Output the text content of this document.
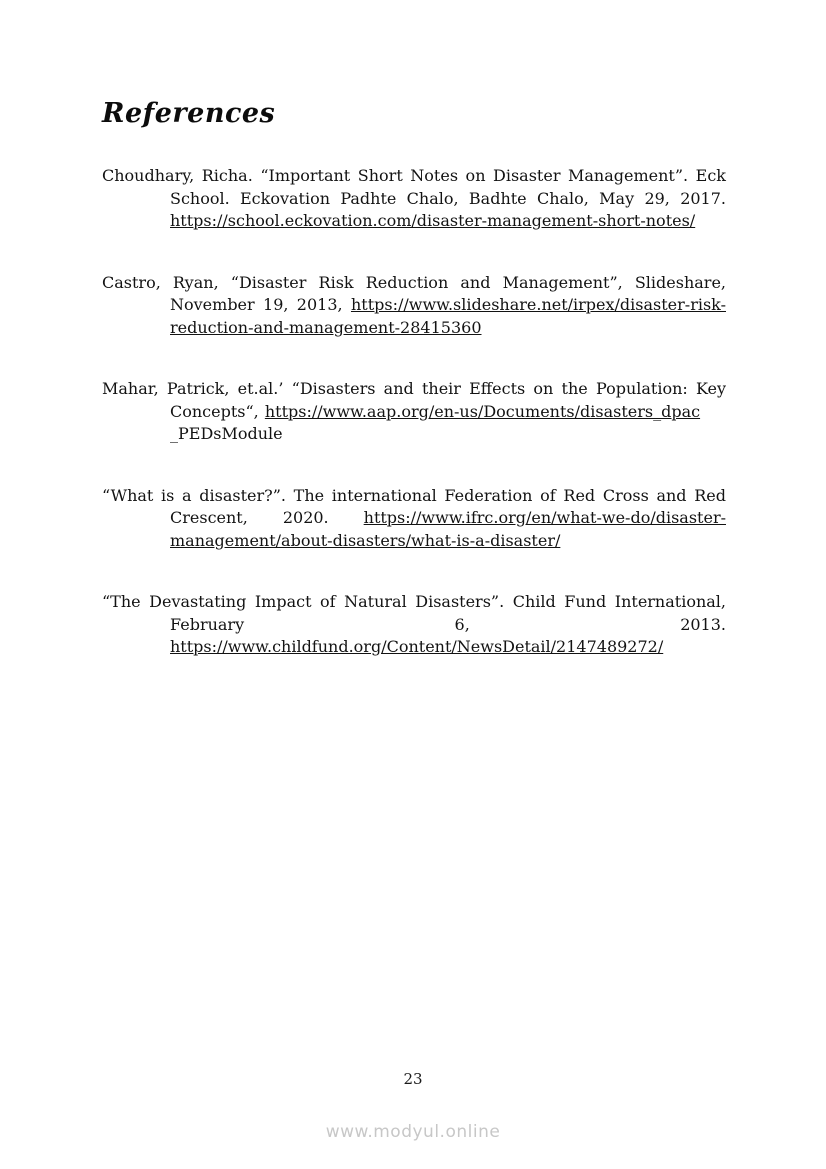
References

Choudhary, Richa. “Important Short Notes on Disaster Management”. Eck School. Eckovation Padhte Chalo, Badhte Chalo, May 29, 2017. https://school.eckovation.com/disaster-management-short-notes/

Castro, Ryan, “Disaster Risk Reduction and Management”, Slideshare, November 19, 2013, https://www.slideshare.net/irpex/disaster-risk-reduction-and-management-28415360

Mahar, Patrick, et.al.’ “Disasters and their Effects on the Population: Key Concepts“, https://www.aap.org/en-us/Documents/disasters_dpac
_PEDsModule

“What is a disaster?”. The international Federation of Red Cross and Red Crescent, 2020. https://www.ifrc.org/en/what-we-do/disaster-management/about-disasters/what-is-a-disaster/

“The Devastating Impact of Natural Disasters”. Child Fund International, February 6, 2013. https://www.childfund.org/Content/NewsDetail/2147489272/

23
www.modyul.online
